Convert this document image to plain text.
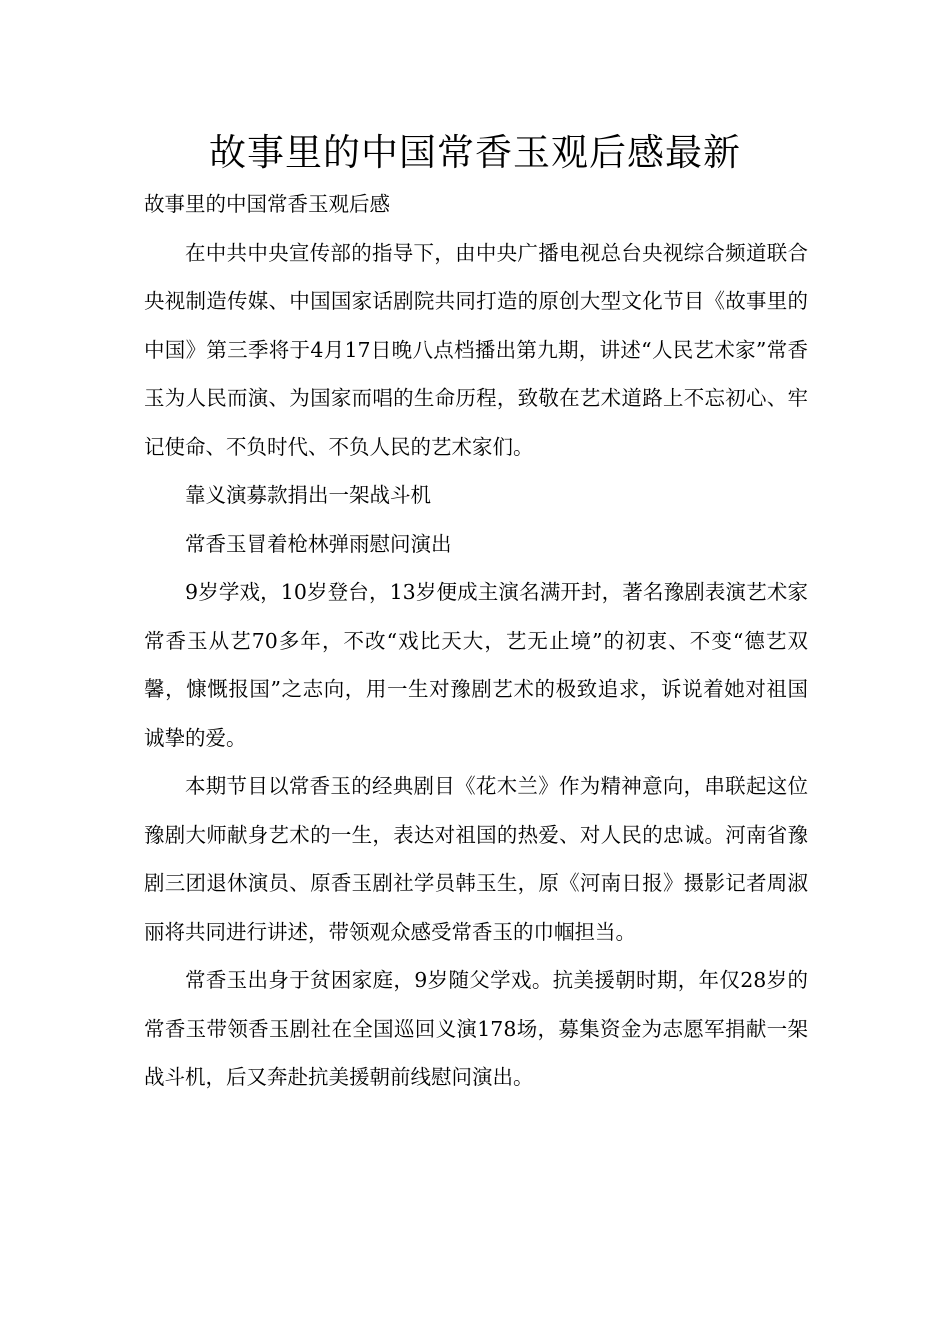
故事里的中国常香玉观后感最新

故事里的中国常香玉观后感

在中共中央宣传部的指导下，由中央广播电视总台央视综合频道联合央视制造传媒、中国国家话剧院共同打造的原创大型文化节目《故事里的中国》第三季将于4月17日晚八点档播出第九期，讲述“人民艺术家”常香玉为人民而演、为国家而唱的生命历程，致敬在艺术道路上不忘初心、牢记使命、不负时代、不负人民的艺术家们。

靠义演募款捐出一架战斗机

常香玉冒着枪林弹雨慰问演出

9岁学戏，10岁登台，13岁便成主演名满开封，著名豫剧表演艺术家常香玉从艺70多年，不改“戏比天大，艺无止境”的初衷、不变“德艺双馨，慷慨报国”之志向，用一生对豫剧艺术的极致追求，诉说着她对祖国诚挚的爱。

本期节目以常香玉的经典剧目《花木兰》作为精神意向，串联起这位豫剧大师献身艺术的一生，表达对祖国的热爱、对人民的忠诚。河南省豫剧三团退休演员、原香玉剧社学员韩玉生，原《河南日报》摄影记者周淑丽将共同进行讲述，带领观众感受常香玉的巾帼担当。

常香玉出身于贫困家庭，9岁随父学戏。抗美援朝时期，年仅28岁的常香玉带领香玉剧社在全国巡回义演178场，募集资金为志愿军捐献一架战斗机，后又奔赴抗美援朝前线慰问演出。
